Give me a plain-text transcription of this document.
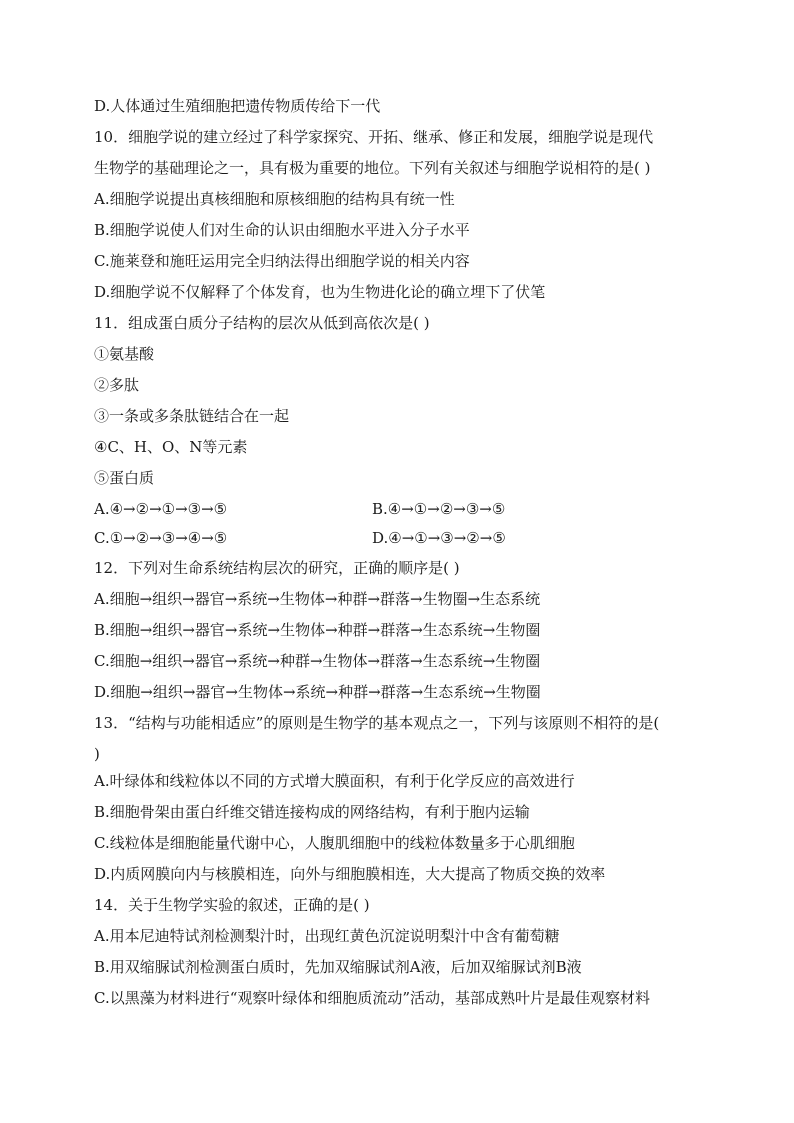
D.人体通过生殖细胞把遗传物质传给下一代
10．细胞学说的建立经过了科学家探究、开拓、继承、修正和发展，细胞学说是现代
生物学的基础理论之一，具有极为重要的地位。下列有关叙述与细胞学说相符的是( )
A.细胞学说提出真核细胞和原核细胞的结构具有统一性
B.细胞学说使人们对生命的认识由细胞水平进入分子水平
C.施莱登和施旺运用完全归纳法得出细胞学说的相关内容
D.细胞学说不仅解释了个体发育，也为生物进化论的确立埋下了伏笔
11．组成蛋白质分子结构的层次从低到高依次是( )
①氨基酸
②多肽
③一条或多条肽链结合在一起
④C、H、O、N等元素
⑤蛋白质
A.④→②→①→③→⑤	B.④→①→②→③→⑤
C.①→②→③→④→⑤	D.④→①→③→②→⑤
12．下列对生命系统结构层次的研究，正确的顺序是( )
A.细胞→组织→器官→系统→生物体→种群→群落→生物圈→生态系统
B.细胞→组织→器官→系统→生物体→种群→群落→生态系统→生物圈
C.细胞→组织→器官→系统→种群→生物体→群落→生态系统→生物圈
D.细胞→组织→器官→生物体→系统→种群→群落→生态系统→生物圈
13．“结构与功能相适应”的原则是生物学的基本观点之一，下列与该原则不相符的是(
)
A.叶绿体和线粒体以不同的方式增大膜面积，有利于化学反应的高效进行
B.细胞骨架由蛋白纤维交错连接构成的网络结构，有利于胞内运输
C.线粒体是细胞能量代谢中心，人腹肌细胞中的线粒体数量多于心肌细胞
D.内质网膜向内与核膜相连，向外与细胞膜相连，大大提高了物质交换的效率
14．关于生物学实验的叙述，正确的是( )
A.用本尼迪特试剂检测梨汁时，出现红黄色沉淀说明梨汁中含有葡萄糖
B.用双缩脲试剂检测蛋白质时，先加双缩脲试剂A液，后加双缩脲试剂B液
C.以黑藻为材料进行“观察叶绿体和细胞质流动”活动，基部成熟叶片是最佳观察材料
